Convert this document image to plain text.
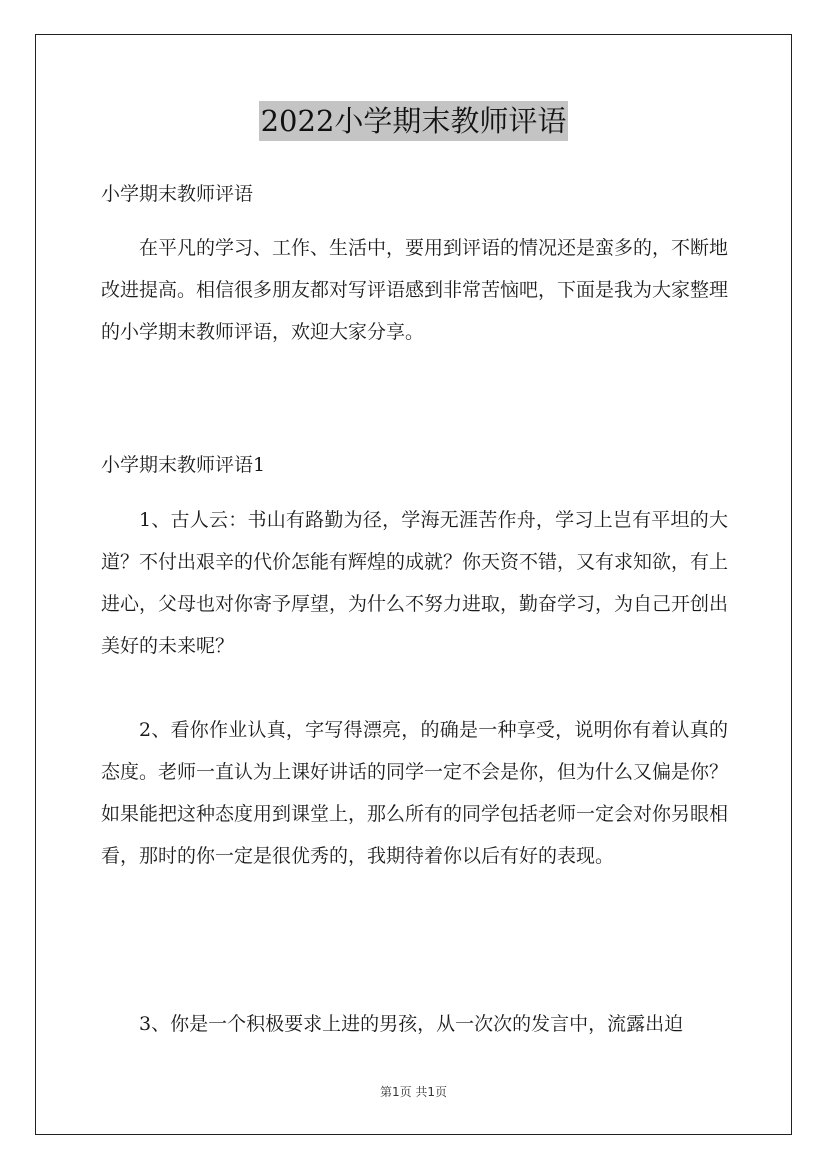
2022小学期末教师评语

小学期末教师评语

在平凡的学习、工作、生活中，要用到评语的情况还是蛮多的，不断地改进提高。相信很多朋友都对写评语感到非常苦恼吧，下面是我为大家整理的小学期末教师评语，欢迎大家分享。

小学期末教师评语1

1、古人云：书山有路勤为径，学海无涯苦作舟，学习上岂有平坦的大道？不付出艰辛的代价怎能有辉煌的成就？你天资不错，又有求知欲，有上进心，父母也对你寄予厚望，为什么不努力进取，勤奋学习，为自己开创出美好的未来呢？

2、看你作业认真，字写得漂亮，的确是一种享受，说明你有着认真的态度。老师一直认为上课好讲话的同学一定不会是你，但为什么又偏是你？如果能把这种态度用到课堂上，那么所有的同学包括老师一定会对你另眼相看，那时的你一定是很优秀的，我期待着你以后有好的表现。

3、你是一个积极要求上进的男孩，从一次次的发言中，流露出迫

第1页 共1页
